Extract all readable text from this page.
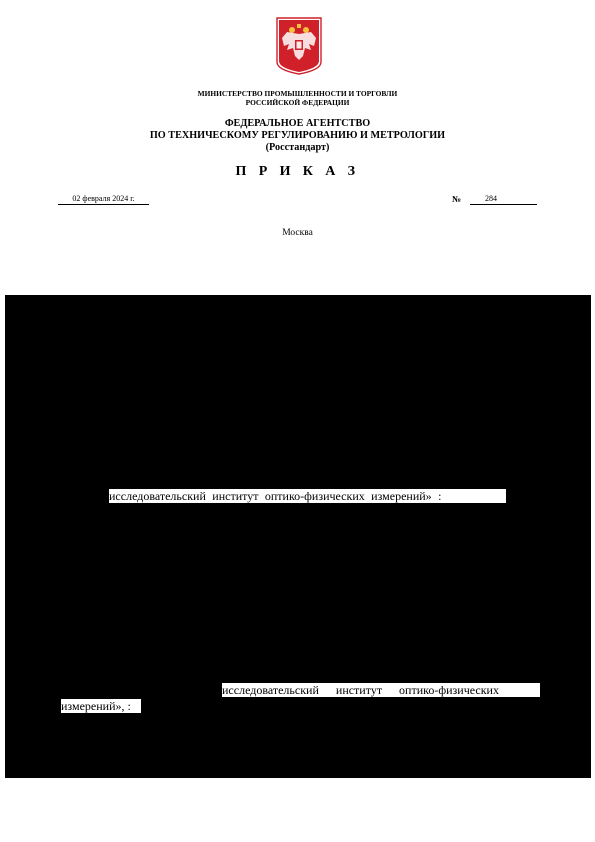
МИНИСТЕРСТВО ПРОМЫШЛЕННОСТИ И ТОРГОВЛИ
РОССИЙСКОЙ ФЕДЕРАЦИИ
ФЕДЕРАЛЬНОЕ АГЕНТСТВО
ПО ТЕХНИЧЕСКОМУ РЕГУЛИРОВАНИЮ И МЕТРОЛОГИИ
(Росстандарт)
П Р И К А З
02 февраля 2024 г.	№	284
Москва
исследовательский институт оптико-физических измерений» :
исследовательский институт оптико-физических
измерений», :
